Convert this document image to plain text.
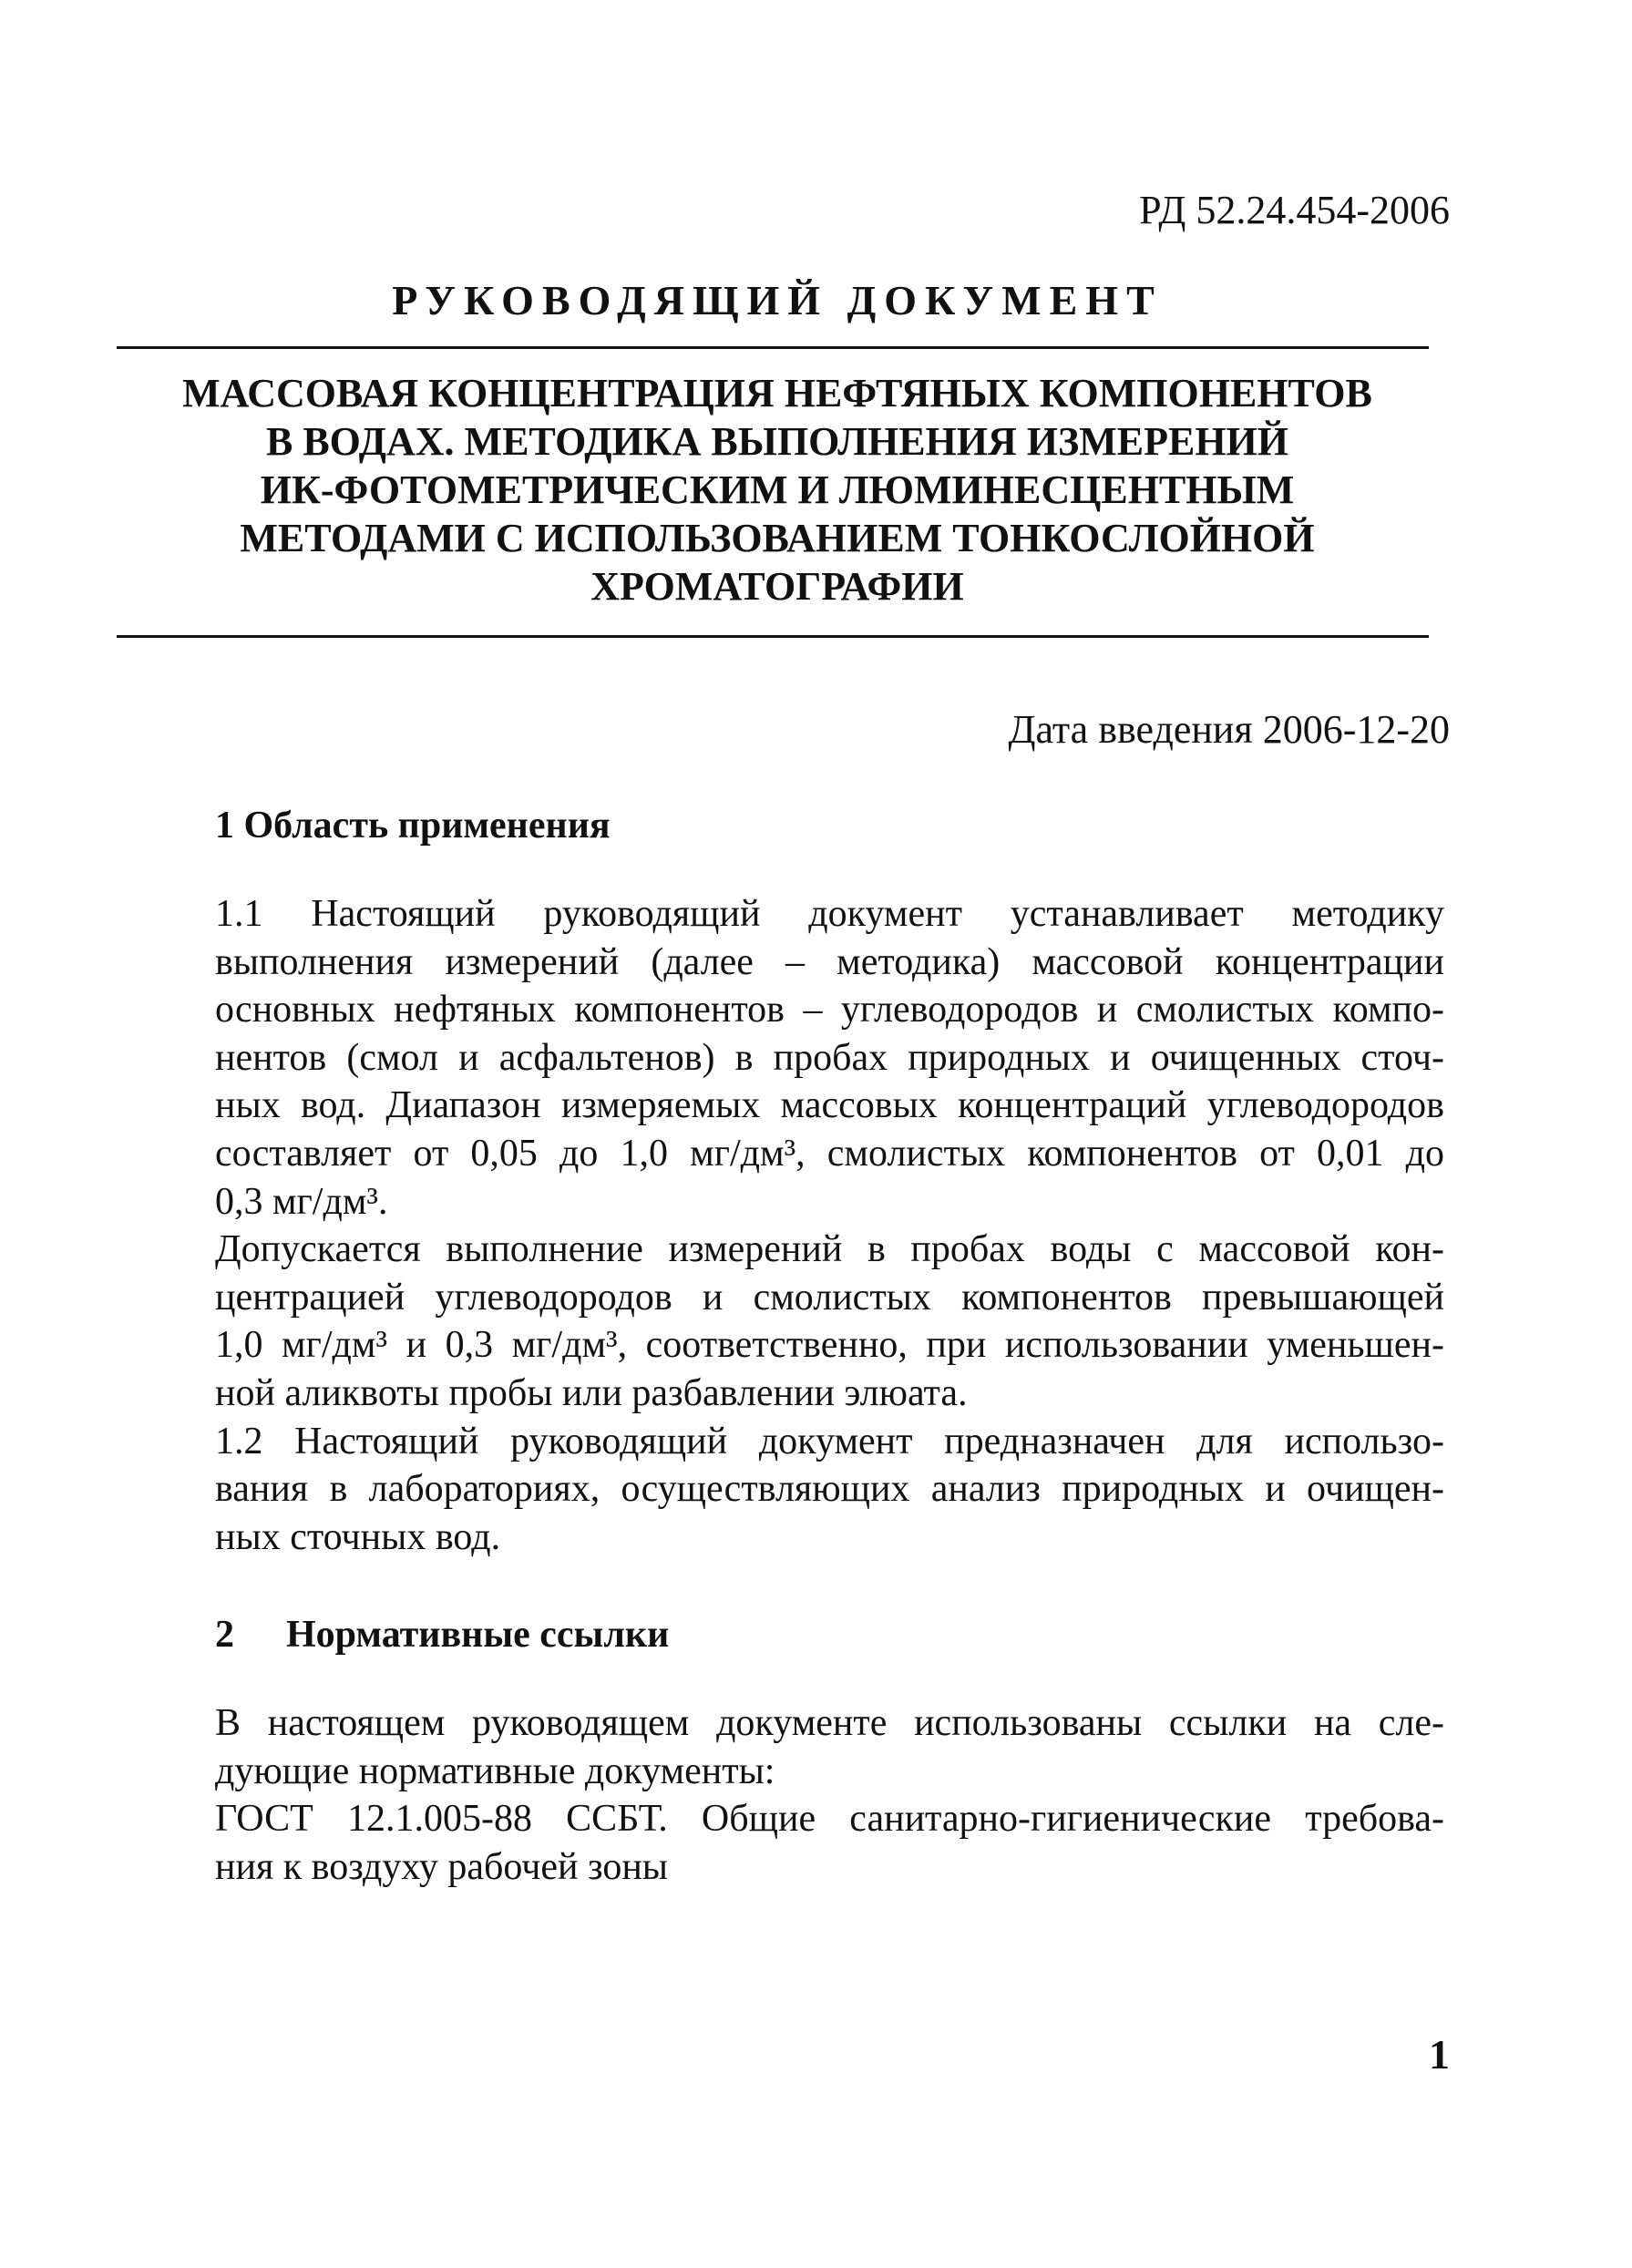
РД 52.24.454-2006

РУКОВОДЯЩИЙ ДОКУМЕНТ
МАССОВАЯ КОНЦЕНТРАЦИЯ НЕФТЯНЫХ КОМПОНЕНТОВ
В ВОДАХ. МЕТОДИКА ВЫПОЛНЕНИЯ ИЗМЕРЕНИЙ
ИК-ФОТОМЕТРИЧЕСКИМ И ЛЮМИНЕСЦЕНТНЫМ
МЕТОДАМИ С ИСПОЛЬЗОВАНИЕМ ТОНКОСЛОЙНОЙ
ХРОМАТОГРАФИИ

Дата введения 2006-12-20

1 Область применения

1.1 Настоящий руководящий документ устанавливает методику
выполнения измерений (далее – методика) массовой концентрации
основных нефтяных компонентов – углеводородов и смолистых компо-
нентов (смол и асфальтенов) в пробах природных и очищенных сточ-
ных вод. Диапазон измеряемых массовых концентраций углеводородов
составляет от 0,05 до 1,0 мг/дм³, смолистых компонентов от 0,01 до
0,3 мг/дм³.

Допускается выполнение измерений в пробах воды с массовой кон-
центрацией углеводородов и смолистых компонентов превышающей
1,0 мг/дм³ и 0,3 мг/дм³, соответственно, при использовании уменьшен-
ной аликвоты пробы или разбавлении элюата.

1.2 Настоящий руководящий документ предназначен для использо-
вания в лабораториях, осуществляющих анализ природных и очищен-
ных сточных вод.

2 Нормативные ссылки

В настоящем руководящем документе использованы ссылки на сле-
дующие нормативные документы:

ГОСТ 12.1.005-88 ССБТ. Общие санитарно-гигиенические требова-
ния к воздуху рабочей зоны

1
